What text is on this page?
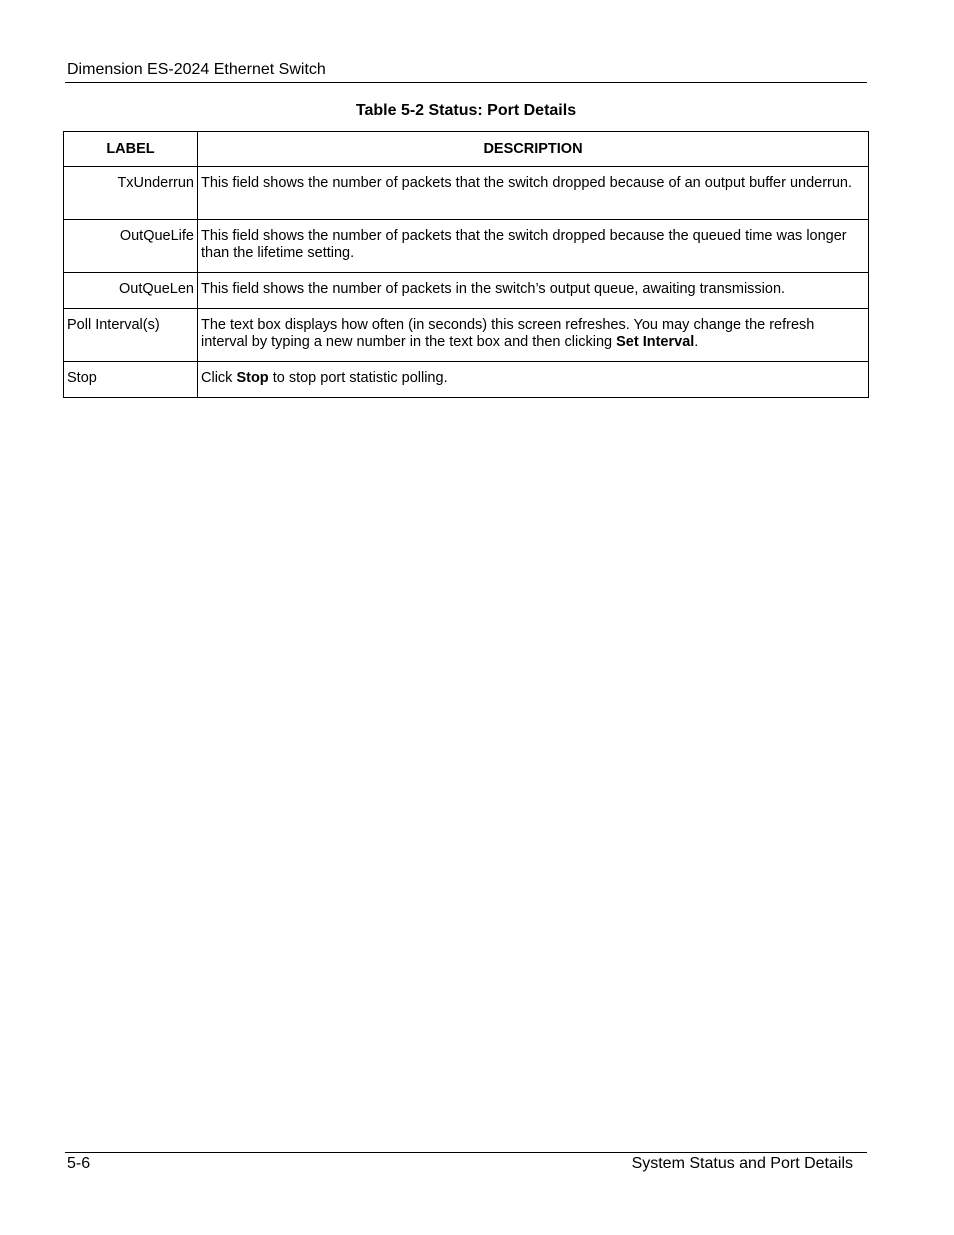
Dimension ES-2024 Ethernet Switch
Table 5-2 Status: Port Details
LABEL	DESCRIPTION
TxUnderrun	This field shows the number of packets that the switch dropped because of an output buffer underrun.
OutQueLife	This field shows the number of packets that the switch dropped because the queued time was longer than the lifetime setting.
OutQueLen	This field shows the number of packets in the switch’s output queue, awaiting transmission.
Poll Interval(s)	The text box displays how often (in seconds) this screen refreshes. You may change the refresh interval by typing a new number in the text box and then clicking Set Interval.
Stop	Click Stop to stop port statistic polling.
5-6	System Status and Port Details
